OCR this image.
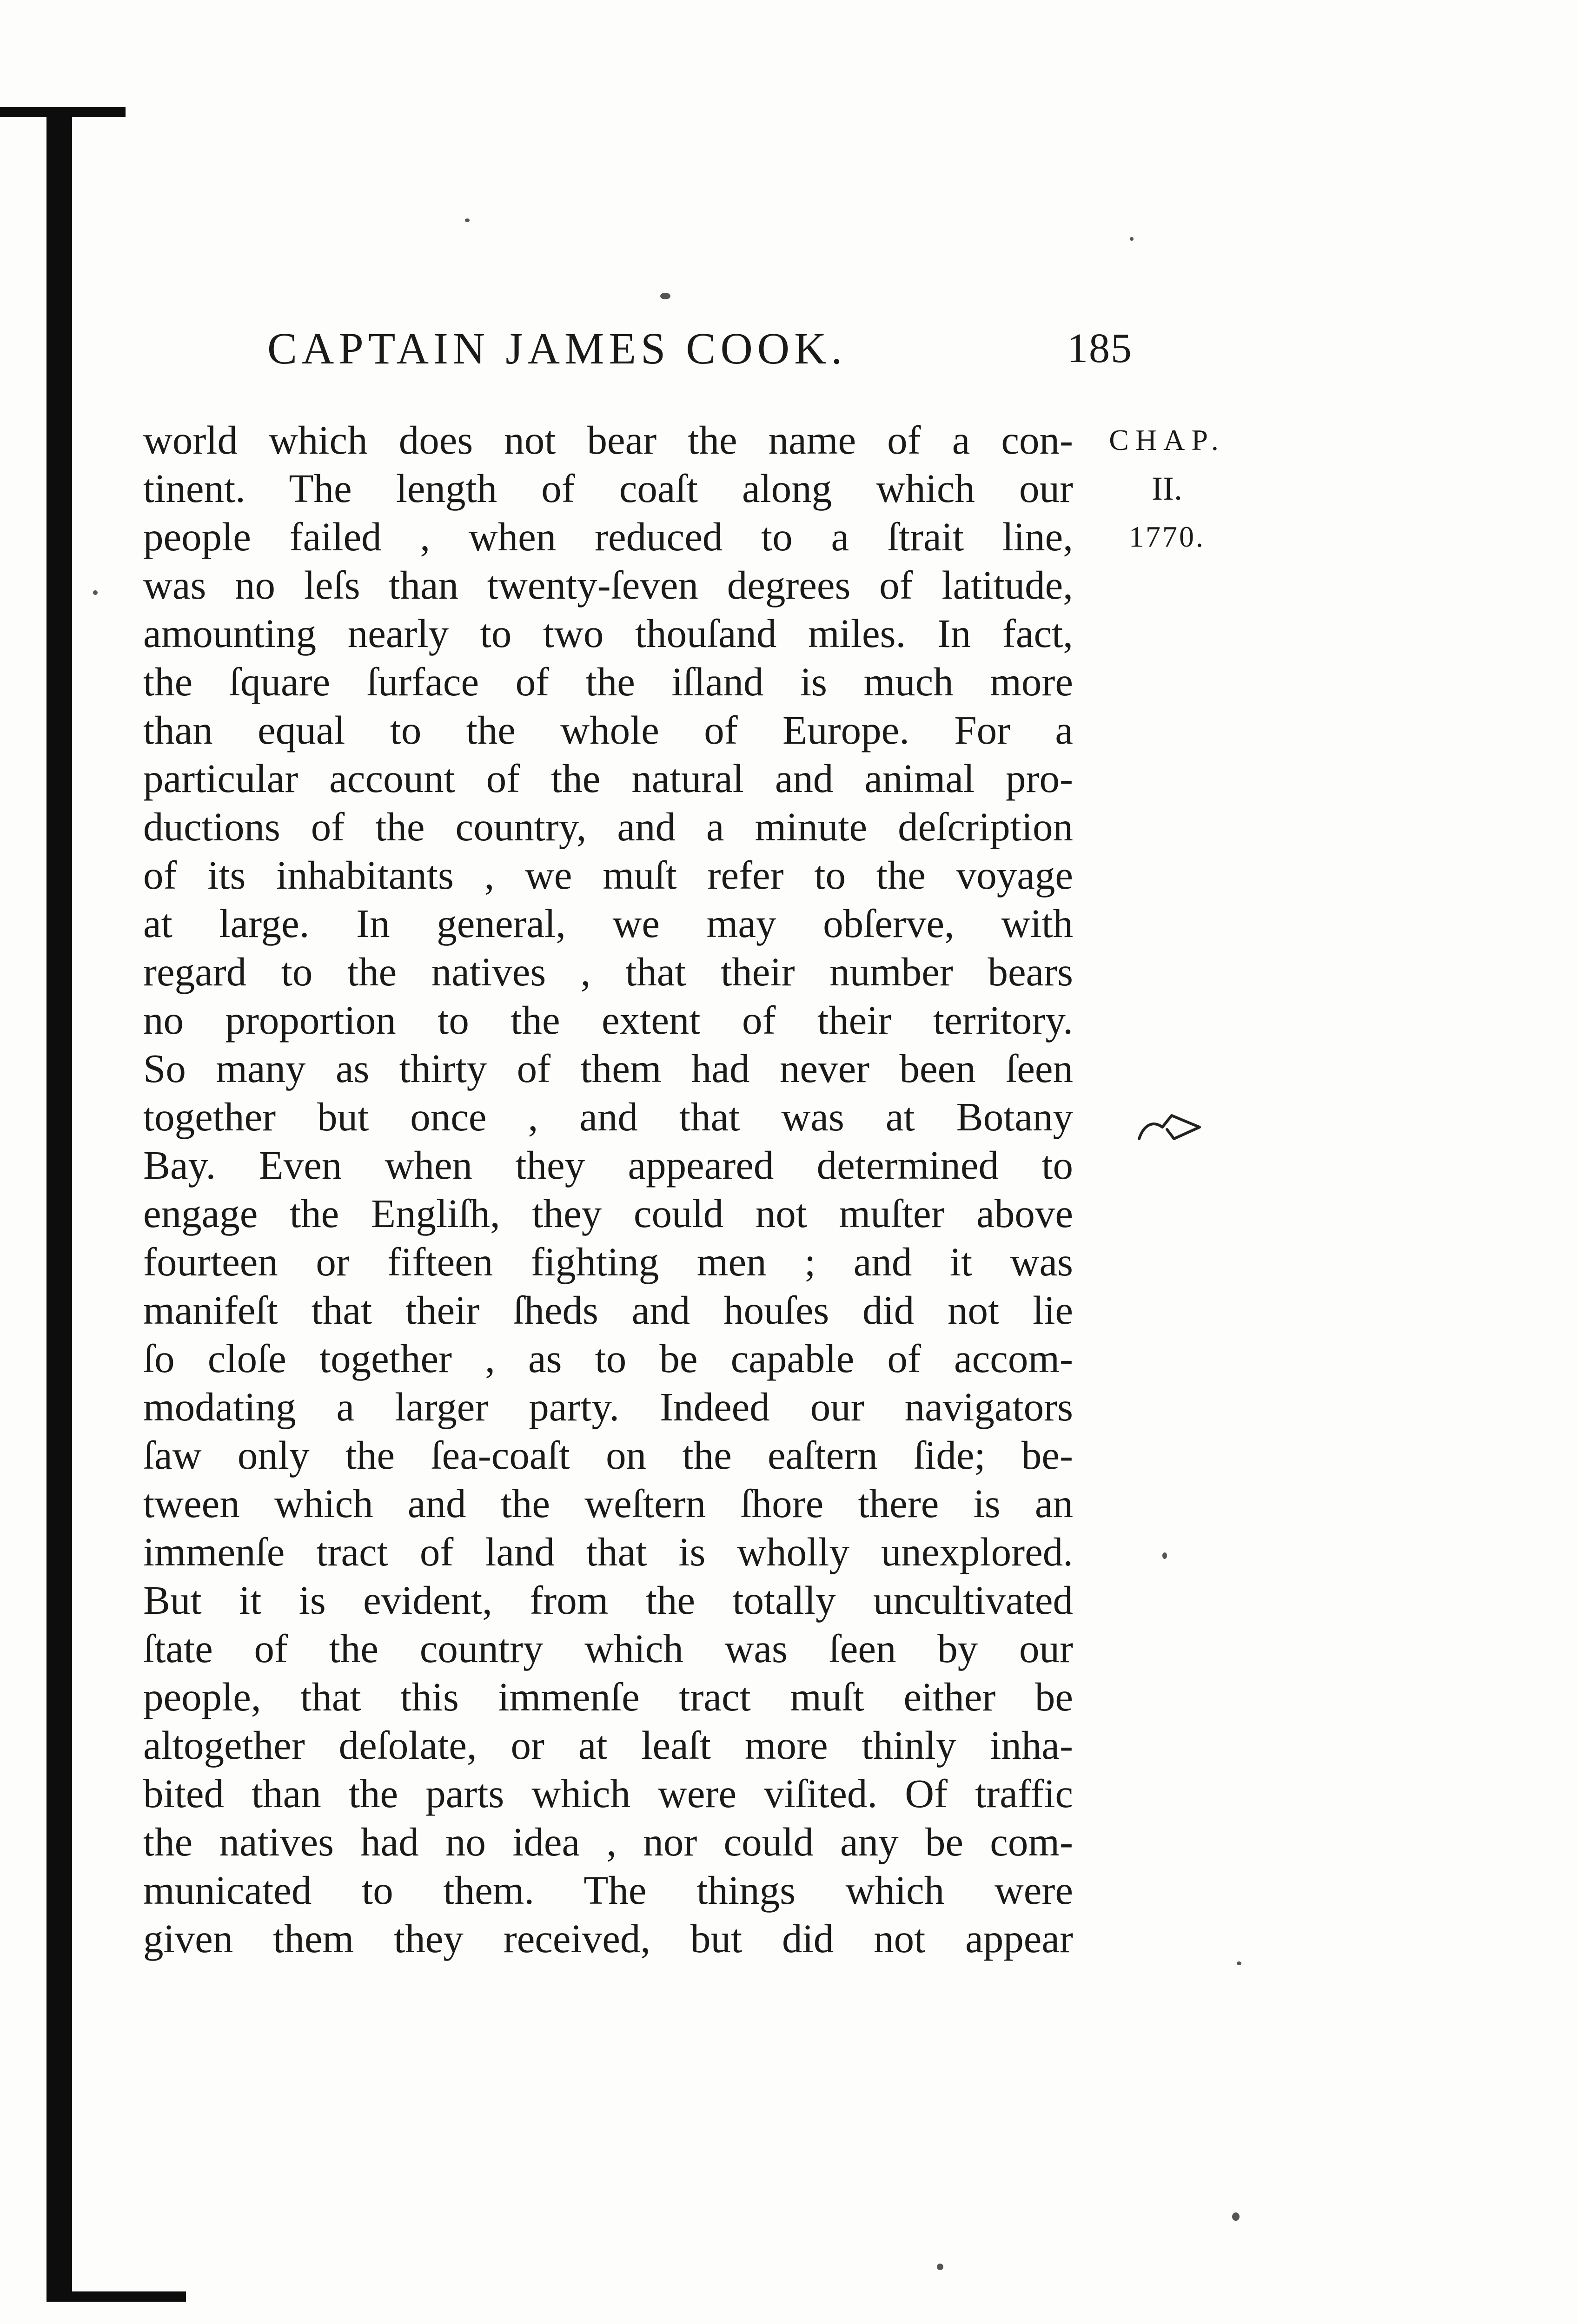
CAPTAIN JAMES COOK.	185
world which does not bear the name of a con-
tinent. The length of coaſt along which our
people failed , when reduced to a ſtrait line,
was no leſs than twenty-ſeven degrees of latitude,
amounting nearly to two thouſand miles. In fact,
the ſquare ſurface of the iſland is much more
than equal to the whole of Europe. For a
particular account of the natural and animal pro-
ductions of the country, and a minute deſcription
of its inhabitants , we muſt refer to the voyage
at large. In general, we may obſerve, with
regard to the natives , that their number bears
no proportion to the extent of their territory.
So many as thirty of them had never been ſeen
together but once , and that was at Botany
Bay. Even when they appeared determined to
engage the Engliſh, they could not muſter above
fourteen or fifteen fighting men ; and it was
manifeſt that their ſheds and houſes did not lie
ſo cloſe together , as to be capable of accom-
modating a larger party. Indeed our navigators
ſaw only the ſea-coaſt on the eaſtern ſide; be-
tween which and the weſtern ſhore there is an
immenſe tract of land that is wholly unexplored.
But it is evident, from the totally uncultivated
ſtate of the country which was ſeen by our
people, that this immenſe tract muſt either be
altogether deſolate, or at leaſt more thinly inha-
bited than the parts which were viſited. Of traffic
the natives had no idea , nor could any be com-
municated to them. The things which were
given them they received, but did not appear
CHAP.
II.
1770.
